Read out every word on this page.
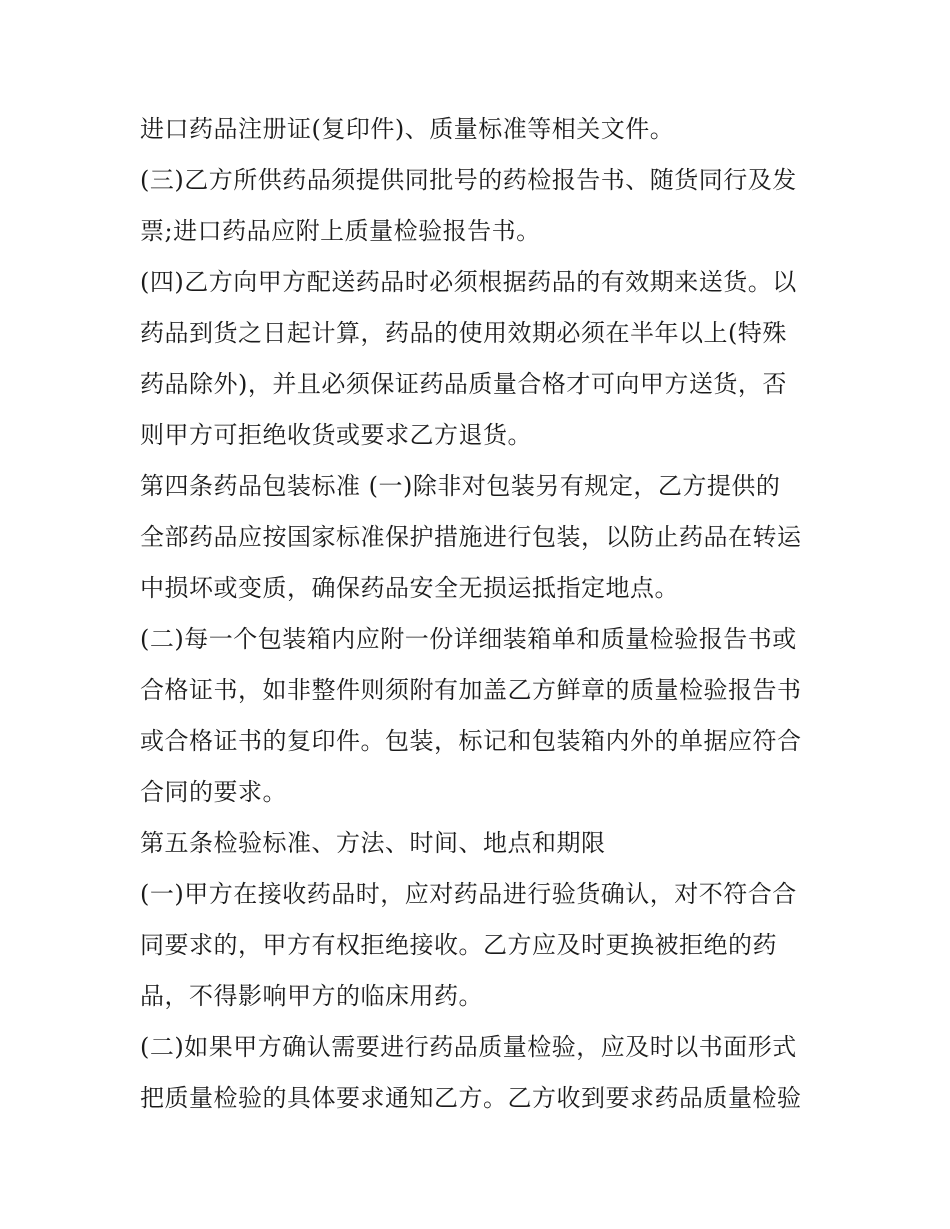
进口药品注册证(复印件)、质量标准等相关文件。
(三)乙方所供药品须提供同批号的药检报告书、随货同行及发
票;进口药品应附上质量检验报告书。
(四)乙方向甲方配送药品时必须根据药品的有效期来送货。以
药品到货之日起计算，药品的使用效期必须在半年以上(特殊
药品除外)，并且必须保证药品质量合格才可向甲方送货，否
则甲方可拒绝收货或要求乙方退货。
第四条药品包装标准 (一)除非对包装另有规定，乙方提供的
全部药品应按国家标准保护措施进行包装，以防止药品在转运
中损坏或变质，确保药品安全无损运抵指定地点。
(二)每一个包装箱内应附一份详细装箱单和质量检验报告书或
合格证书，如非整件则须附有加盖乙方鲜章的质量检验报告书
或合格证书的复印件。包装，标记和包装箱内外的单据应符合
合同的要求。
第五条检验标准、方法、时间、地点和期限
(一)甲方在接收药品时，应对药品进行验货确认，对不符合合
同要求的，甲方有权拒绝接收。乙方应及时更换被拒绝的药
品，不得影响甲方的临床用药。
(二)如果甲方确认需要进行药品质量检验，应及时以书面形式
把质量检验的具体要求通知乙方。乙方收到要求药品质量检验
